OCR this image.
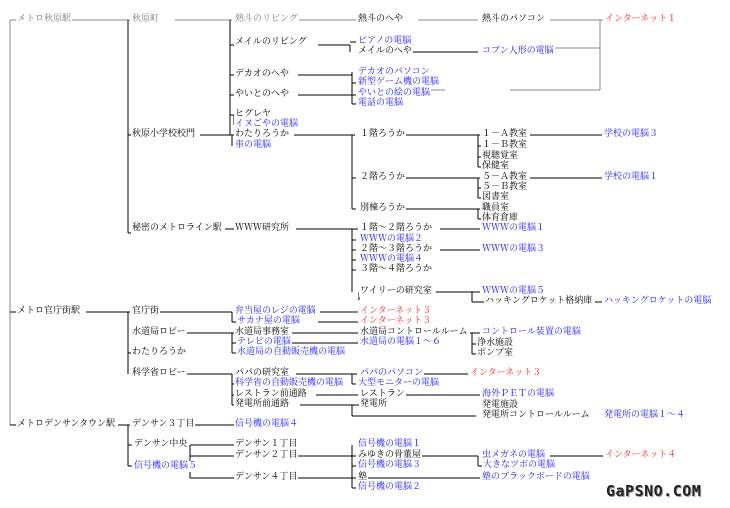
メトロ秋原駅	秋原町	熱斗のリビング	熱斗のへや	熱斗のパソコン	インターネット１
メイルのリビング	ピアノの電脳
メイルのへや	コブン人形の電脳
デカオのへや	デカオのパソコン
新型ゲーム機の電脳
やいとのへや	やいとの絵の電脳
電話の電脳
ヒグレヤ
イヌごやの電脳
秋原小学校校門	わたりろうか
車の電脳
１階ろうか	１－Ａ教室	学校の電脳３
１－Ｂ教室
視聴覚室
保健室
２階ろうか	５－Ａ教室	学校の電脳１
５－Ｂ教室
図書室
別棟ろうか	職員室
体育倉庫
秘密のメトロライン駅 ＷＷＷ研究所	１階～２階ろうか	ＷＷＷの電脳１
ＷＷＷの電脳２
２階～３階ろうか	ＷＷＷの電脳３
ＷＷＷの電脳４
３階～４階ろうか
ワイリーの研究室	ＷＷＷの電脳５
ハッキングロケット格納庫 ハッキングロケットの電脳
メトロ官庁街駅	官庁街	弁当屋のレジの電脳	インターネット３
サカナ屋の電脳	インターネット３
水道局ロビー	水道局事務室	水道局コントロールルーム コントロール装置の電脳
テレビの電脳	水道局の電脳１～６	浄水施設
わたりろうか	水道局の自動販売機の電脳	ポンプ室
科学省ロビー	パパの研究室	パパのパソコン	インターネット３
科学省の自動販売機の電脳 大型モニターの電脳
レストラン前通路	レストラン	海外ＰＥＴの電脳
発電所前通路	発電所	発電施設
発電所コントロールルーム 発電所の電脳１～４
メトロデンサンタウン駅 デンサン３丁目	信号機の電脳４
デンサン中央
信号機の電脳５
デンサン１丁目	信号機の電脳１
デンサン２丁目	みゆきの骨董屋	虫メガネの電脳	インターネット４
信号機の電脳３	大きなツボの電脳
デンサン４丁目	塾	塾のブラックボードの電脳
信号機の電脳２	GaPSNO.COM
